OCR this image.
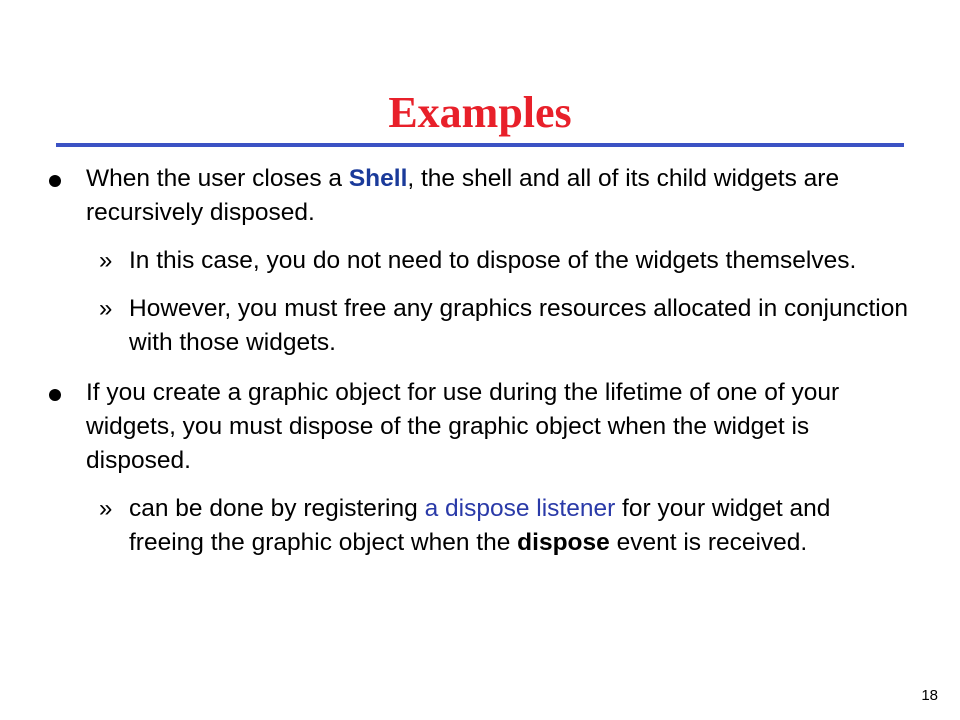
Examples

When the user closes a Shell, the shell and all of its child widgets are recursively disposed.

» In this case, you do not need to dispose of the widgets themselves.

» However, you must free any graphics resources allocated in conjunction with those widgets.

If you create a graphic object for use during the lifetime of one of your widgets, you must dispose of the graphic object when the widget is disposed.

» can be done by registering a dispose listener for your widget and freeing the graphic object when the dispose event is received.

18
